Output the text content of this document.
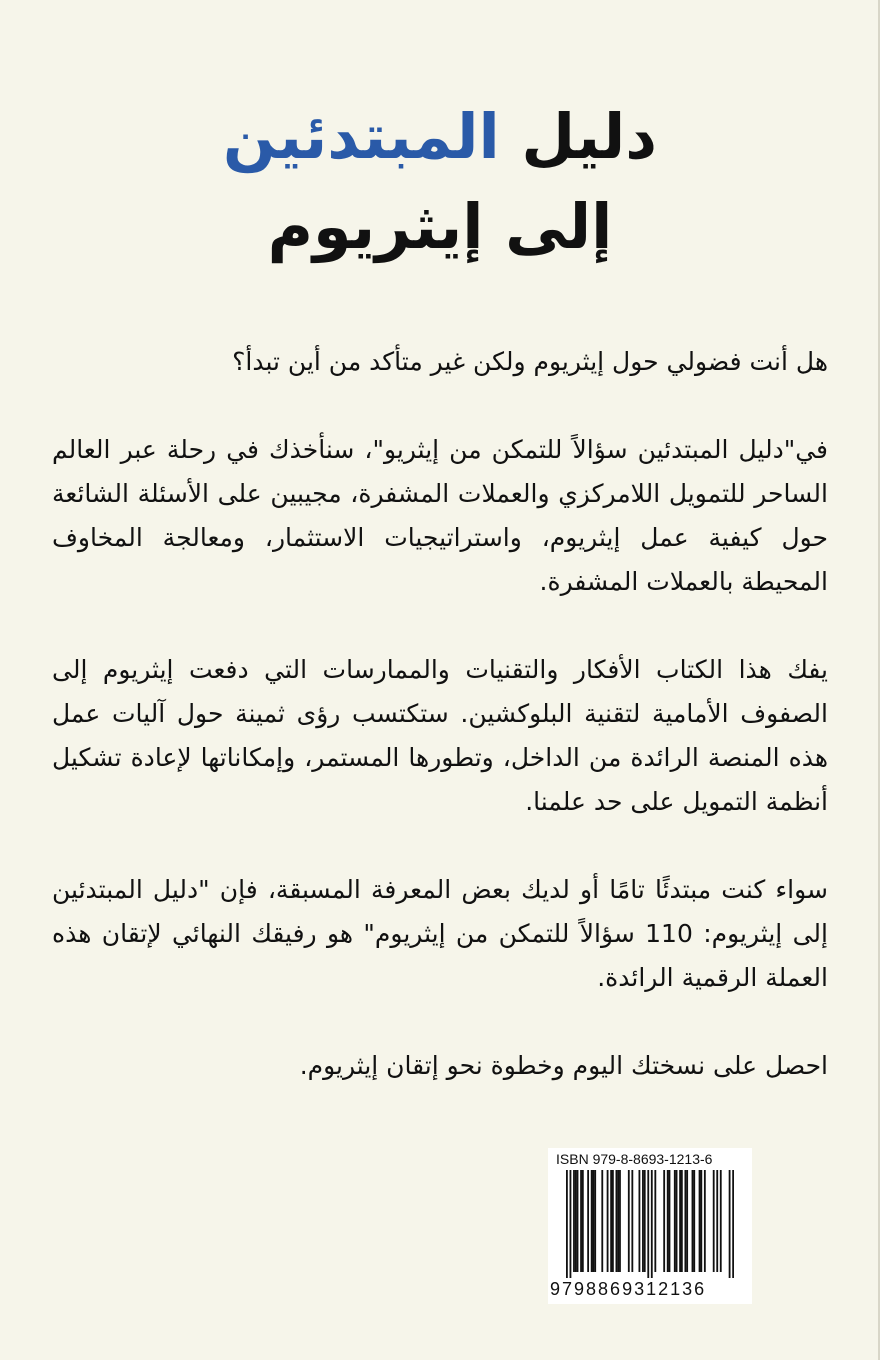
دليل المبتدئين
إلى إيثريوم

هل أنت فضولي حول إيثريوم ولكن غير متأكد من أين تبدأ؟

في"دليل المبتدئين سؤالاً للتمكن من إيثريو"، سنأخذك في رحلة عبر العالم الساحر للتمويل اللامركزي والعملات المشفرة، مجيبين على الأسئلة الشائعة حول كيفية عمل إيثريوم، واستراتيجيات الاستثمار، ومعالجة المخاوف المحيطة بالعملات المشفرة.

يفك هذا الكتاب الأفكار والتقنيات والممارسات التي دفعت إيثريوم إلى الصفوف الأمامية لتقنية البلوكشين. ستكتسب رؤى ثمينة حول آليات عمل هذه المنصة الرائدة من الداخل، وتطورها المستمر، وإمكاناتها لإعادة تشكيل أنظمة التمويل على حد علمنا.

سواء كنت مبتدئًا تامًا أو لديك بعض المعرفة المسبقة، فإن "دليل المبتدئين إلى إيثريوم: 110 سؤالاً للتمكن من إيثريوم" هو رفيقك النهائي لإتقان هذه العملة الرقمية الرائدة.

احصل على نسختك اليوم وخطوة نحو إتقان إيثريوم.

ISBN 979-8-8693-1213-6
9798869312136
